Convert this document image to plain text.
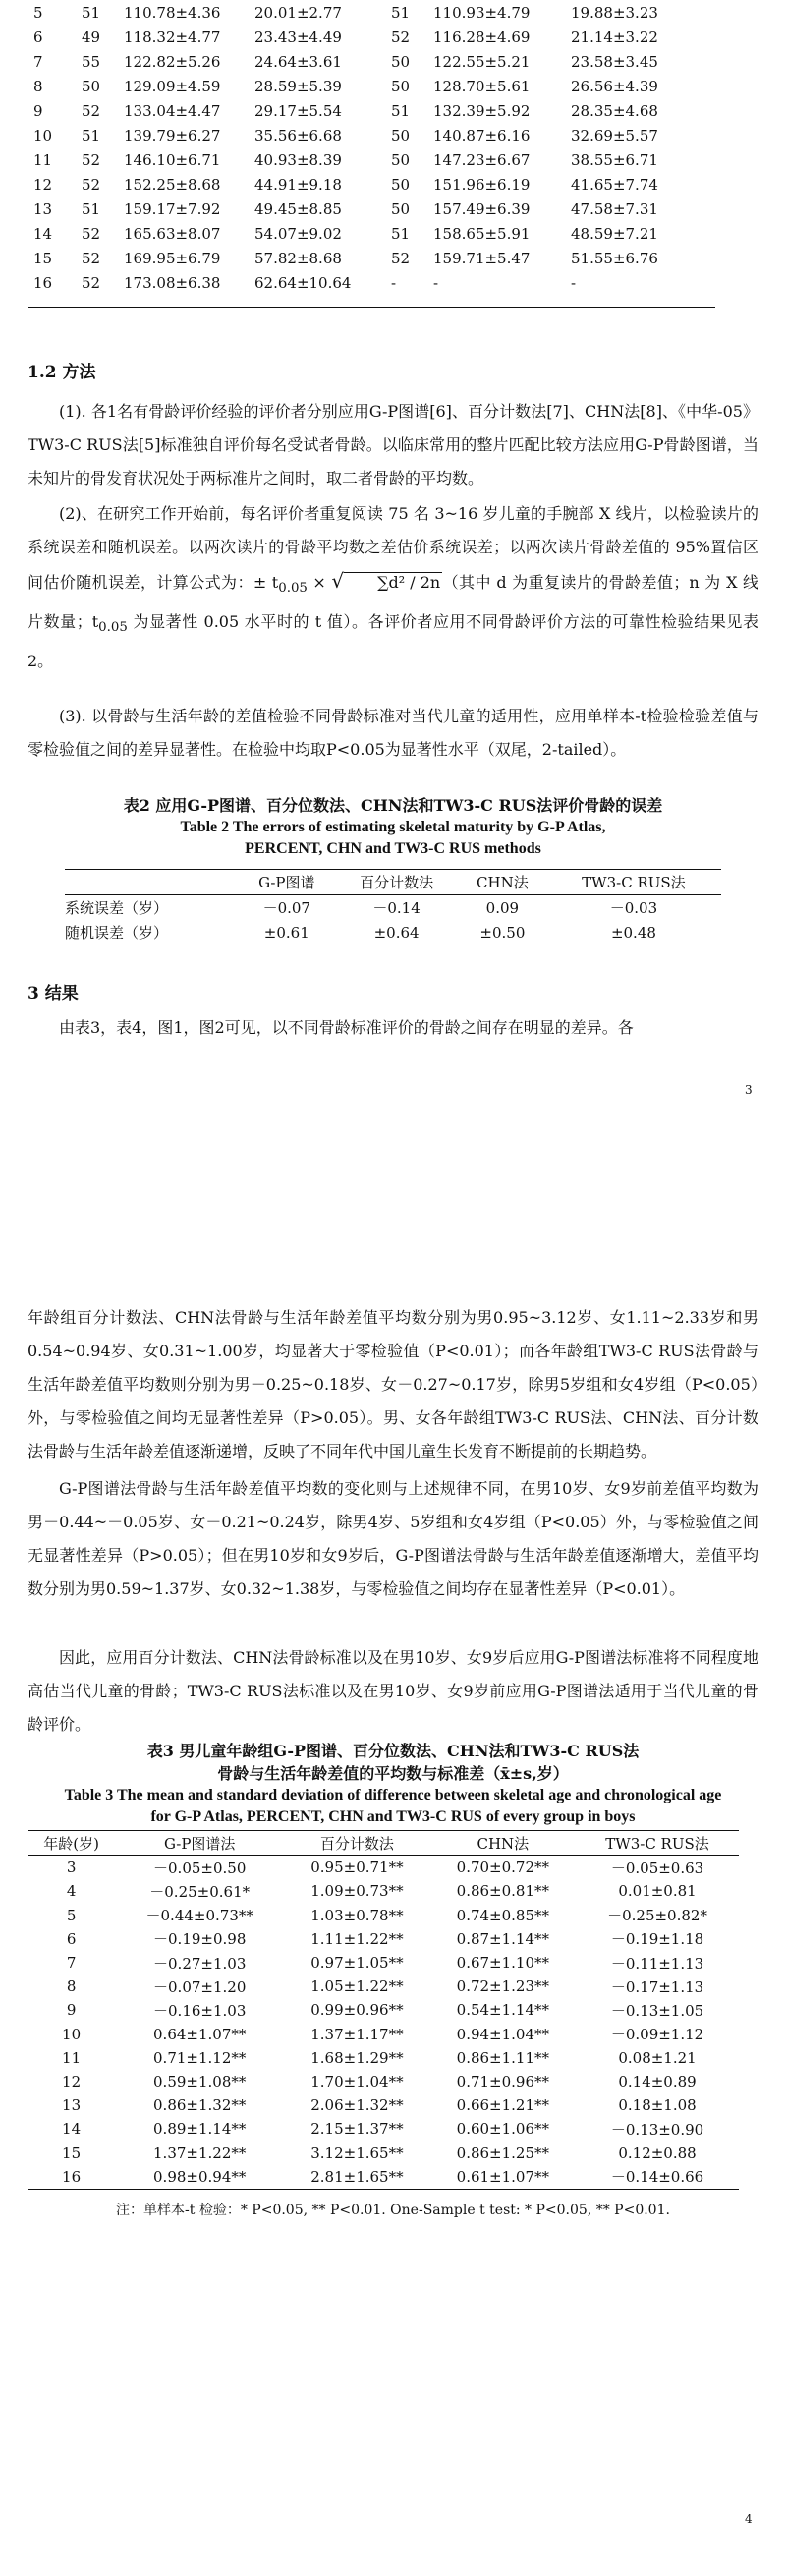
5	51	110.78±4.36	20.01±2.77	51	110.93±4.79	19.88±3.23
6	49	118.32±4.77	23.43±4.49	52	116.28±4.69	21.14±3.22
7	55	122.82±5.26	24.64±3.61	50	122.55±5.21	23.58±3.45
8	50	129.09±4.59	28.59±5.39	50	128.70±5.61	26.56±4.39
9	52	133.04±4.47	29.17±5.54	51	132.39±5.92	28.35±4.68
10	51	139.79±6.27	35.56±6.68	50	140.87±6.16	32.69±5.57
11	52	146.10±6.71	40.93±8.39	50	147.23±6.67	38.55±6.71
12	52	152.25±8.68	44.91±9.18	50	151.96±6.19	41.65±7.74
13	51	159.17±7.92	49.45±8.85	50	157.49±6.39	47.58±7.31
14	52	165.63±8.07	54.07±9.02	51	158.65±5.91	48.59±7.21
15	52	169.95±6.79	57.82±8.68	52	159.71±5.47	51.55±6.76
16	52	173.08±6.38	62.64±10.64	-	-	-
1.2 方法
(1). 各1名有骨龄评价经验的评价者分别应用G-P图谱[6]、百分计数法[7]、CHN法[8]、《中华-05》 TW3-C RUS法[5]标准独自评价每名受试者骨龄。以临床常用的整片匹配比较方法应用G-P骨龄图谱，当未知片的骨发育状况处于两标准片之间时，取二者骨龄的平均数。
(2)、在研究工作开始前，每名评价者重复阅读 75 名 3~16 岁儿童的手腕部 X 线片，以检验读片的系统误差和随机误差。以两次读片的骨龄平均数之差估价系统误差；以两次读片骨龄差值的 95%置信区间估价随机误差，计算公式为：± $t_{0.05}$ × √ ∑d² / 2n （其中 d 为重复读片的骨龄差值；n 为 X 线片数量；$t_{0.05}$ 为显著性 0.05 水平时的 t 值）。各评价者应用不同骨龄评价方法的可靠性检验结果见表 2。
(3). 以骨龄与生活年龄的差值检验不同骨龄标准对当代儿童的适用性，应用单样本-t检验检验差值与零检验值之间的差异显著性。在检验中均取P<0.05为显著性水平（双尾，2-tailed）。
表2 应用G-P图谱、百分位数法、CHN法和TW3-C RUS法评价骨龄的误差
Table 2 The errors of estimating skeletal maturity by G-P Atlas,
PERCENT, CHN and TW3-C RUS methods
	G-P图谱	百分计数法	CHN法	TW3-C RUS法
系统误差（岁）	－0.07	－0.14	0.09	－0.03
随机误差（岁）	±0.61	±0.64	±0.50	±0.48
3 结果
由表3，表4，图1，图2可见，以不同骨龄标准评价的骨龄之间存在明显的差异。各
3
年龄组百分计数法、CHN法骨龄与生活年龄差值平均数分别为男0.95~3.12岁、女1.11~2.33岁和男0.54~0.94岁、女0.31~1.00岁，均显著大于零检验值（P<0.01）；而各年龄组TW3-C RUS法骨龄与生活年龄差值平均数则分别为男－0.25~0.18岁、女－0.27~0.17岁，除男5岁组和女4岁组（P<0.05）外，与零检验值之间均无显著性差异（P>0.05）。男、女各年龄组TW3-C RUS法、CHN法、百分计数法骨龄与生活年龄差值逐渐递增，反映了不同年代中国儿童生长发育不断提前的长期趋势。
G-P图谱法骨龄与生活年龄差值平均数的变化则与上述规律不同，在男10岁、女9岁前差值平均数为男－0.44~－0.05岁、女－0.21~0.24岁，除男4岁、5岁组和女4岁组（P<0.05）外，与零检验值之间无显著性差异（P>0.05）；但在男10岁和女9岁后，G-P图谱法骨龄与生活年龄差值逐渐增大，差值平均数分别为男0.59~1.37岁、女0.32~1.38岁，与零检验值之间均存在显著性差异（P<0.01）。
因此，应用百分计数法、CHN法骨龄标准以及在男10岁、女9岁后应用G-P图谱法标准将不同程度地高估当代儿童的骨龄；TW3-C RUS法标准以及在男10岁、女9岁前应用G-P图谱法适用于当代儿童的骨龄评价。
表3 男儿童年龄组G-P图谱、百分位数法、CHN法和TW3-C RUS法
骨龄与生活年龄差值的平均数与标准差（x̄±s,岁）
Table 3 The mean and standard deviation of difference between skeletal age and chronological age
for G-P Atlas, PERCENT, CHN and TW3-C RUS of every group in boys
年龄(岁)	G-P图谱法	百分计数法	CHN法	TW3-C RUS法
3	－0.05±0.50	0.95±0.71**	0.70±0.72**	－0.05±0.63
4	－0.25±0.61*	1.09±0.73**	0.86±0.81**	0.01±0.81
5	－0.44±0.73**	1.03±0.78**	0.74±0.85**	－0.25±0.82*
6	－0.19±0.98	1.11±1.22**	0.87±1.14**	－0.19±1.18
7	－0.27±1.03	0.97±1.05**	0.67±1.10**	－0.11±1.13
8	－0.07±1.20	1.05±1.22**	0.72±1.23**	－0.17±1.13
9	－0.16±1.03	0.99±0.96**	0.54±1.14**	－0.13±1.05
10	0.64±1.07**	1.37±1.17**	0.94±1.04**	－0.09±1.12
11	0.71±1.12**	1.68±1.29**	0.86±1.11**	0.08±1.21
12	0.59±1.08**	1.70±1.04**	0.71±0.96**	0.14±0.89
13	0.86±1.32**	2.06±1.32**	0.66±1.21**	0.18±1.08
14	0.89±1.14**	2.15±1.37**	0.60±1.06**	－0.13±0.90
15	1.37±1.22**	3.12±1.65**	0.86±1.25**	0.12±0.88
16	0.98±0.94**	2.81±1.65**	0.61±1.07**	－0.14±0.66
注：单样本-t 检验：* P<0.05, ** P<0.01. One-Sample t test: * P<0.05, ** P<0.01.
4
